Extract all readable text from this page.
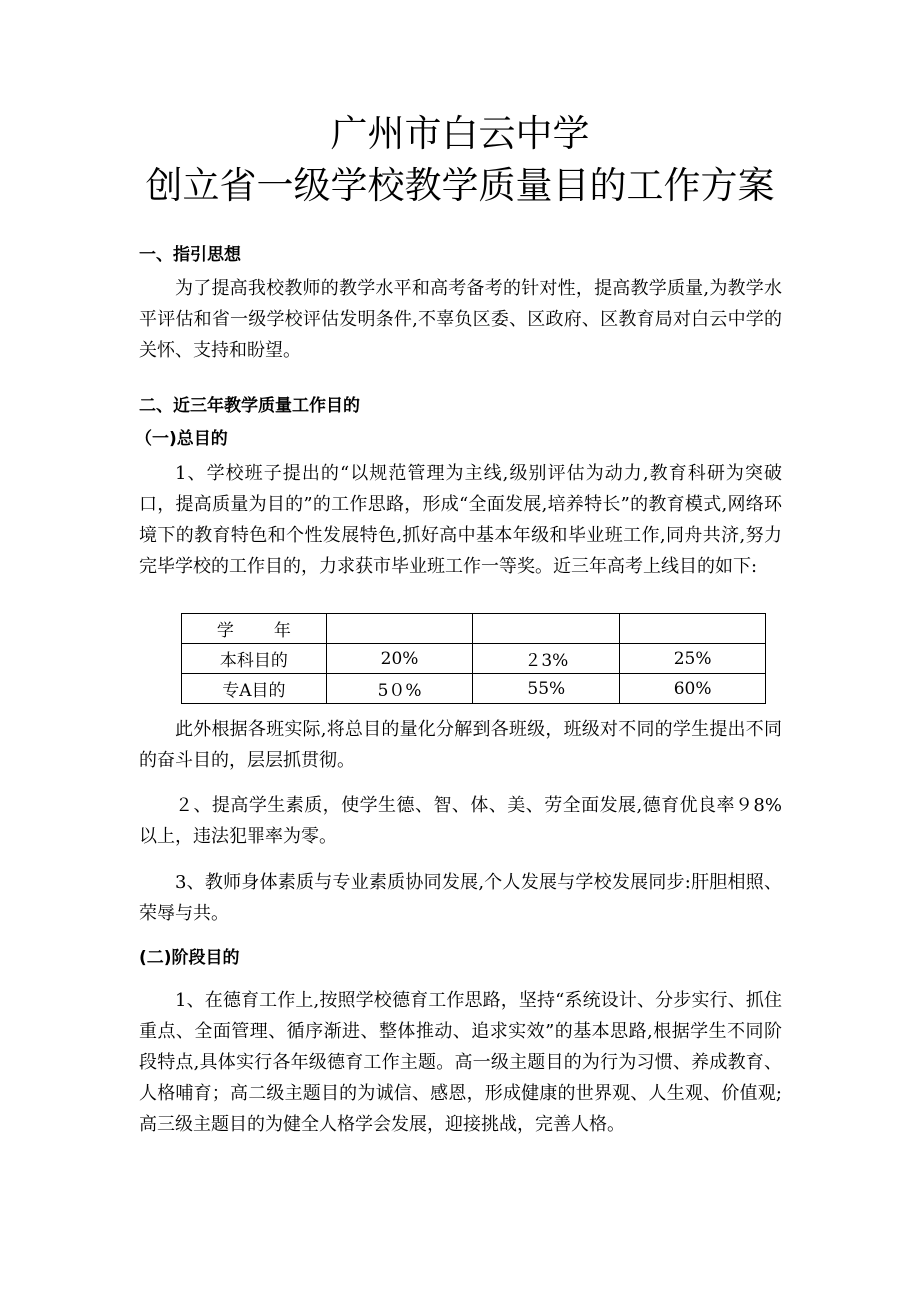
广州市白云中学
创立省一级学校教学质量目的工作方案
一、指引思想
为了提高我校教师的教学水平和高考备考的针对性，提高教学质量,为教学水平评估和省一级学校评估发明条件,不辜负区委、区政府、区教育局对白云中学的关怀、支持和盼望。
二、近三年教学质量工作目的
（一)总目的
1、学校班子提出的“以规范管理为主线,级别评估为动力,教育科研为突破口，提高质量为目的”的工作思路，形成“全面发展,培养特长”的教育模式,网络环境下的教育特色和个性发展特色,抓好高中基本年级和毕业班工作,同舟共济,努力完毕学校的工作目的，力求获市毕业班工作一等奖。近三年高考上线目的如下:
学年			
本科目的	20%	２3%	25%
专A目的	5０%	55%	60%
此外根据各班实际,将总目的量化分解到各班级，班级对不同的学生提出不同的奋斗目的，层层抓贯彻。
２、提高学生素质，使学生德、智、体、美、劳全面发展,德育优良率９8%以上，违法犯罪率为零。
3、教师身体素质与专业素质协同发展,个人发展与学校发展同步:肝胆相照、荣辱与共。
(二)阶段目的
1、在德育工作上,按照学校德育工作思路，坚持“系统设计、分步实行、抓住重点、全面管理、循序渐进、整体推动、追求实效”的基本思路,根据学生不同阶段特点,具体实行各年级德育工作主题。高一级主题目的为行为习惯、养成教育、人格哺育；高二级主题目的为诚信、感恩，形成健康的世界观、人生观、价值观;高三级主题目的为健全人格学会发展，迎接挑战，完善人格。
